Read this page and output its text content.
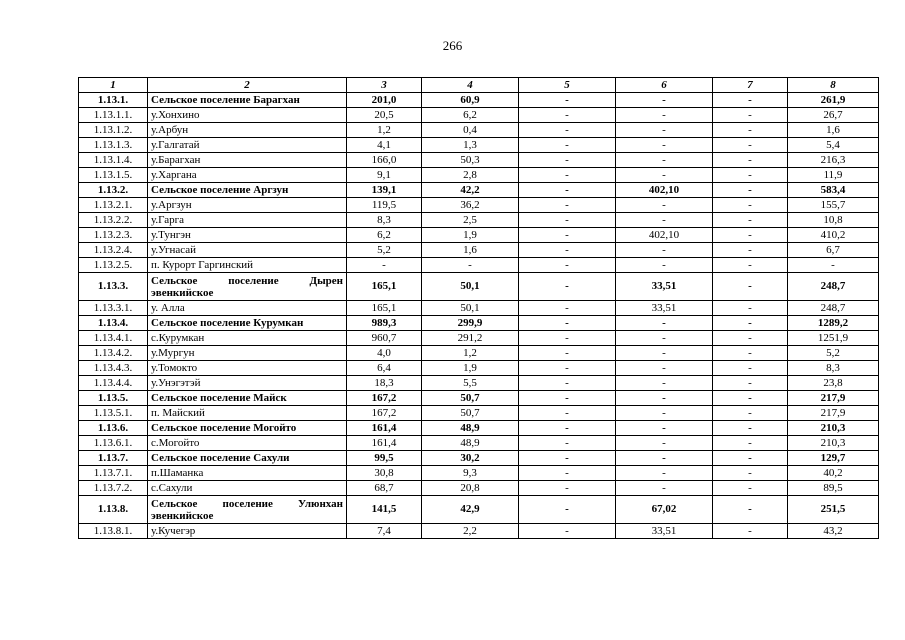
266
1	2	3	4	5	6	7	8
1.13.1.	Сельское поселение Барагхан	201,0	60,9	-	-	-	261,9
1.13.1.1.	у.Хонхино	20,5	6,2	-	-	-	26,7
1.13.1.2.	у.Арбун	1,2	0,4	-	-	-	1,6
1.13.1.3.	у.Галгатай	4,1	1,3	-	-	-	5,4
1.13.1.4.	у.Барагхан	166,0	50,3	-	-	-	216,3
1.13.1.5.	у.Харгана	9,1	2,8	-	-	-	11,9
1.13.2.	Сельское поселение Аргзун	139,1	42,2	-	402,10	-	583,4
1.13.2.1.	у.Аргзун	119,5	36,2	-	-	-	155,7
1.13.2.2.	у.Гарга	8,3	2,5	-	-	-	10,8
1.13.2.3.	у.Тунгэн	6,2	1,9	-	402,10	-	410,2
1.13.2.4.	у.Угнасай	5,2	1,6	-	-	-	6,7
1.13.2.5.	п. Курорт Гаргинский	-	-	-	-	-	-
1.13.3.	Сельское поселение Дырен эвенкийское	165,1	50,1	-	33,51	-	248,7
1.13.3.1.	у. Алла	165,1	50,1	-	33,51	-	248,7
1.13.4.	Сельское поселение Курумкан	989,3	299,9	-	-	-	1289,2
1.13.4.1.	с.Курумкан	960,7	291,2	-	-	-	1251,9
1.13.4.2.	у.Мургун	4,0	1,2	-	-	-	5,2
1.13.4.3.	у.Томокто	6,4	1,9	-	-	-	8,3
1.13.4.4.	у.Унэгэтэй	18,3	5,5	-	-	-	23,8
1.13.5.	Сельское поселение Майск	167,2	50,7	-	-	-	217,9
1.13.5.1.	п. Майский	167,2	50,7	-	-	-	217,9
1.13.6.	Сельское поселение Могойто	161,4	48,9	-	-	-	210,3
1.13.6.1.	с.Могойто	161,4	48,9	-	-	-	210,3
1.13.7.	Сельское поселение Сахули	99,5	30,2	-	-	-	129,7
1.13.7.1.	п.Шаманка	30,8	9,3	-	-	-	40,2
1.13.7.2.	с.Сахули	68,7	20,8	-	-	-	89,5
1.13.8.	Сельское поселение Улюнхан эвенкийское	141,5	42,9	-	67,02	-	251,5
1.13.8.1.	у.Кучегэр	7,4	2,2	-	33,51	-	43,2
